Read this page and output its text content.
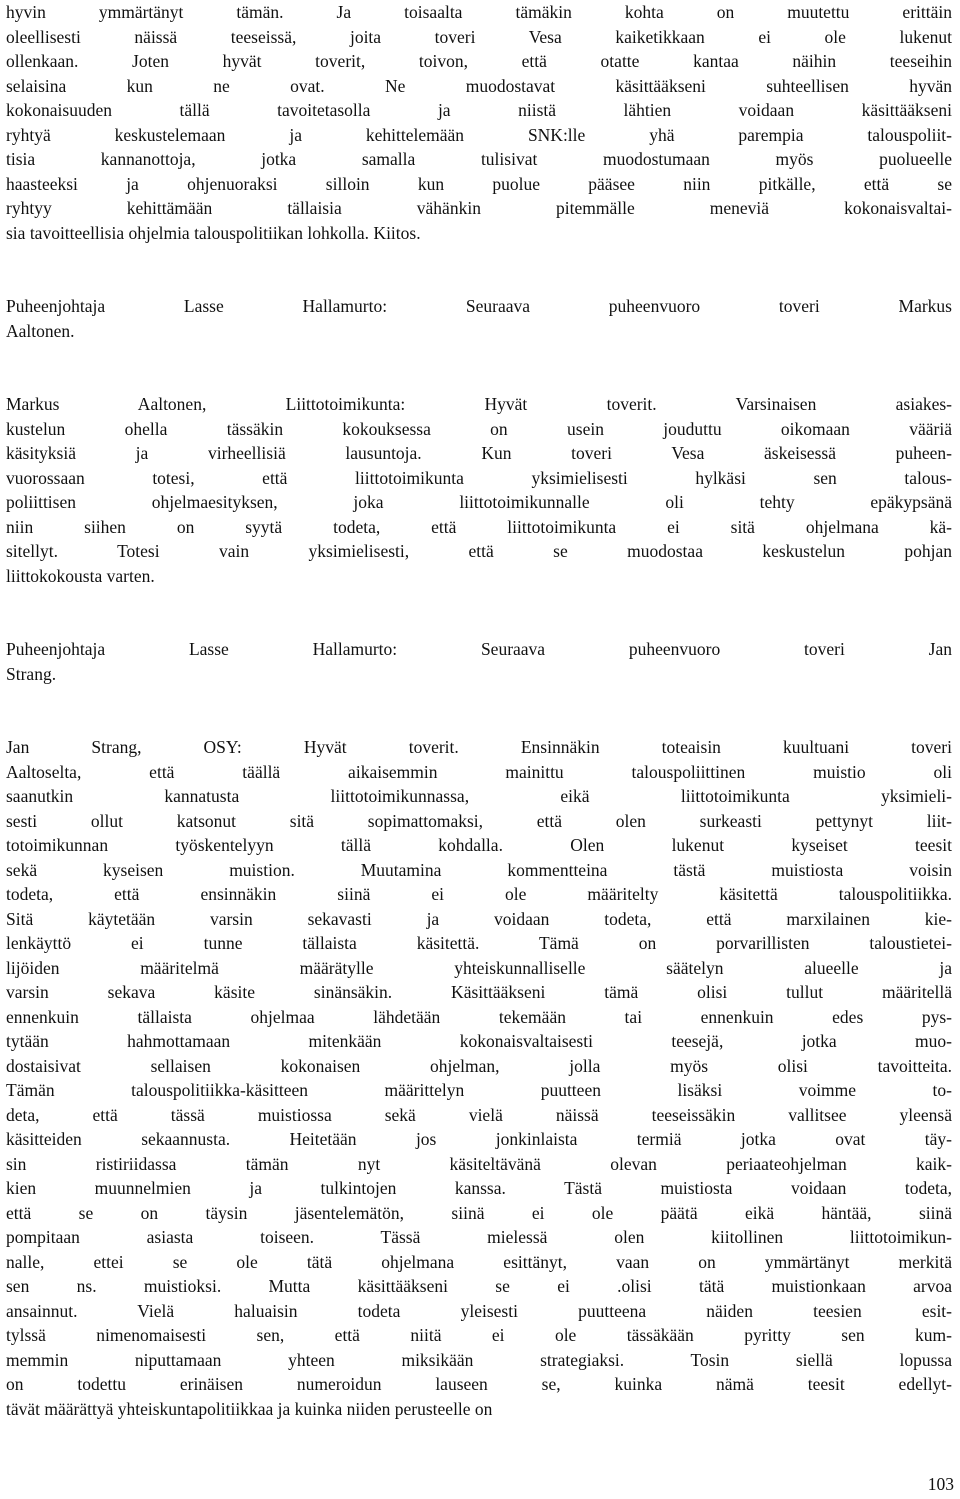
hyvin ymmärtänyt tämän. Ja toisaalta tämäkin kohta on muutettu erittäin
oleellisesti näissä teeseissä, joita toveri Vesa kaiketikkaan ei ole lukenut
ollenkaan. Joten hyvät toverit, toivon, että otatte kantaa näihin teeseihin
selaisina kun ne ovat. Ne muodostavat käsittääkseni suhteellisen hyvän
kokonaisuuden tällä tavoitetasolla ja niistä lähtien voidaan käsittääkseni
ryhtyä keskustelemaan ja kehittelemään SNK:lle yhä parempia talouspoliit-
tisia kannanottoja, jotka samalla tulisivat muodostumaan myös puolueelle
haasteeksi ja ohjenuoraksi silloin kun puolue pääsee niin pitkälle, että se
ryhtyy kehittämään tällaisia vähänkin pitemmälle meneviä kokonaisvaltai-
sia tavoitteellisia ohjelmia talouspolitiikan lohkolla. Kiitos.
Puheenjohtaja Lasse Hallamurto: Seuraava puheenvuoro toveri Markus
Aaltonen.
Markus Aaltonen, Liittotoimikunta: Hyvät toverit. Varsinaisen asiakes-
kustelun ohella tässäkin kokouksessa on usein jouduttu oikomaan vääriä
käsityksiä ja virheellisiä lausuntoja. Kun toveri Vesa äskeisessä puheen-
vuorossaan totesi, että liittotoimikunta yksimielisesti hylkäsi sen talous-
poliittisen ohjelmaesityksen, joka liittotoimikunnalle oli tehty epäkypsänä
niin siihen on syytä todeta, että liittotoimikunta ei sitä ohjelmana kä-
sitellyt. Totesi vain yksimielisesti, että se muodostaa keskustelun pohjan
liittokokousta varten.
Puheenjohtaja Lasse Hallamurto: Seuraava puheenvuoro toveri Jan
Strang.
Jan Strang, OSY: Hyvät toverit. Ensinnäkin toteaisin kuultuani toveri
Aaltoselta, että täällä aikaisemmin mainittu talouspoliittinen muistio oli
saanutkin kannatusta liittotoimikunnassa, eikä liittotoimikunta yksimieli-
sesti ollut katsonut sitä sopimattomaksi, että olen surkeasti pettynyt liit-
totoimikunnan työskentelyyn tällä kohdalla. Olen lukenut kyseiset teesit
sekä kyseisen muistion. Muutamina kommentteina tästä muistiosta voisin
todeta, että ensinnäkin siinä ei ole määritelty käsitettä talouspolitiikka.
Sitä käytetään varsin sekavasti ja voidaan todeta, että marxilainen kie-
lenkäyttö ei tunne tällaista käsitettä. Tämä on porvarillisten taloustietei-
lijöiden määritelmä määrätylle yhteiskunnalliselle säätelyn alueelle ja
varsin sekava käsite sinänsäkin. Käsittääkseni tämä olisi tullut määritellä
ennenkuin tällaista ohjelmaa lähdetään tekemään tai ennenkuin edes pys-
tytään hahmottamaan mitenkään kokonaisvaltaisesti teesejä, jotka muo-
dostaisivat sellaisen kokonaisen ohjelman, jolla myös olisi tavoitteita.
Tämän talouspolitiikka-käsitteen määrittelyn puutteen lisäksi voimme to-
deta, että tässä muistiossa sekä vielä näissä teeseissäkin vallitsee yleensä
käsitteiden sekaannusta. Heitetään jos jonkinlaista termiä jotka ovat täy-
sin ristiriidassa tämän nyt käsiteltävänä olevan periaateohjelman kaik-
kien muunnelmien ja tulkintojen kanssa. Tästä muistiosta voidaan todeta,
että se on täysin jäsentelemätön, siinä ei ole päätä eikä häntää, siinä
pompitaan asiasta toiseen. Tässä mielessä olen kiitollinen liittotoimikun-
nalle, ettei se ole tätä ohjelmana esittänyt, vaan on ymmärtänyt merkitä
sen ns. muistioksi. Mutta käsittääkseni se ei .olisi tätä muistionkaan arvoa
ansainnut. Vielä haluaisin todeta yleisesti puutteena näiden teesien esit-
tylssä nimenomaisesti sen, että niitä ei ole tässäkään pyritty sen kum-
memmin niputtamaan yhteen miksikään strategiaksi. Tosin siellä lopussa
on todettu erinäisen numeroidun lauseen se, kuinka nämä teesit edellyt-
tävät määrättyä yhteiskuntapolitiikkaa ja kuinka niiden perusteelle on
103
